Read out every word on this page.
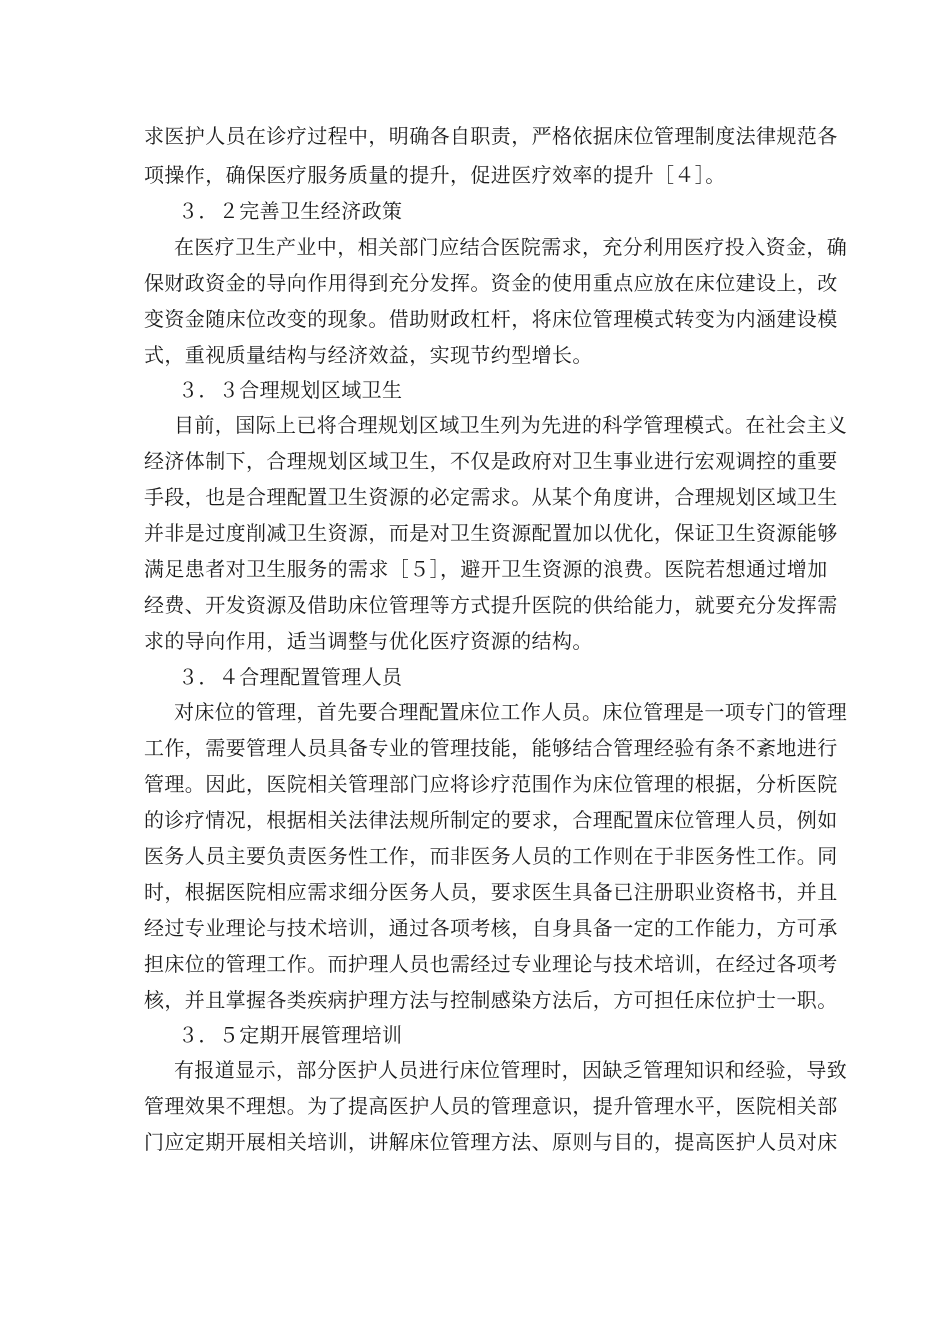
求医护人员在诊疗过程中，明确各自职责，严格依据床位管理制度法律规范各
项操作，确保医疗服务质量的提升，促进医疗效率的提升［４］。
３．２完善卫生经济政策
在医疗卫生产业中，相关部门应结合医院需求，充分利用医疗投入资金，确
保财政资金的导向作用得到充分发挥。资金的使用重点应放在床位建设上，改
变资金随床位改变的现象。借助财政杠杆，将床位管理模式转变为内涵建设模
式，重视质量结构与经济效益，实现节约型增长。
３．３合理规划区域卫生
目前，国际上已将合理规划区域卫生列为先进的科学管理模式。在社会主义
经济体制下，合理规划区域卫生，不仅是政府对卫生事业进行宏观调控的重要
手段，也是合理配置卫生资源的必定需求。从某个角度讲，合理规划区域卫生
并非是过度削减卫生资源，而是对卫生资源配置加以优化，保证卫生资源能够
满足患者对卫生服务的需求［５］，避开卫生资源的浪费。医院若想通过增加
经费、开发资源及借助床位管理等方式提升医院的供给能力，就要充分发挥需
求的导向作用，适当调整与优化医疗资源的结构。
３．４合理配置管理人员
对床位的管理，首先要合理配置床位工作人员。床位管理是一项专门的管理
工作，需要管理人员具备专业的管理技能，能够结合管理经验有条不紊地进行
管理。因此，医院相关管理部门应将诊疗范围作为床位管理的根据，分析医院
的诊疗情况，根据相关法律法规所制定的要求，合理配置床位管理人员，例如
医务人员主要负责医务性工作，而非医务人员的工作则在于非医务性工作。同
时，根据医院相应需求细分医务人员，要求医生具备已注册职业资格书，并且
经过专业理论与技术培训，通过各项考核，自身具备一定的工作能力，方可承
担床位的管理工作。而护理人员也需经过专业理论与技术培训，在经过各项考
核，并且掌握各类疾病护理方法与控制感染方法后，方可担任床位护士一职。
３．５定期开展管理培训
有报道显示，部分医护人员进行床位管理时，因缺乏管理知识和经验，导致
管理效果不理想。为了提高医护人员的管理意识，提升管理水平，医院相关部
门应定期开展相关培训，讲解床位管理方法、原则与目的，提高医护人员对床
